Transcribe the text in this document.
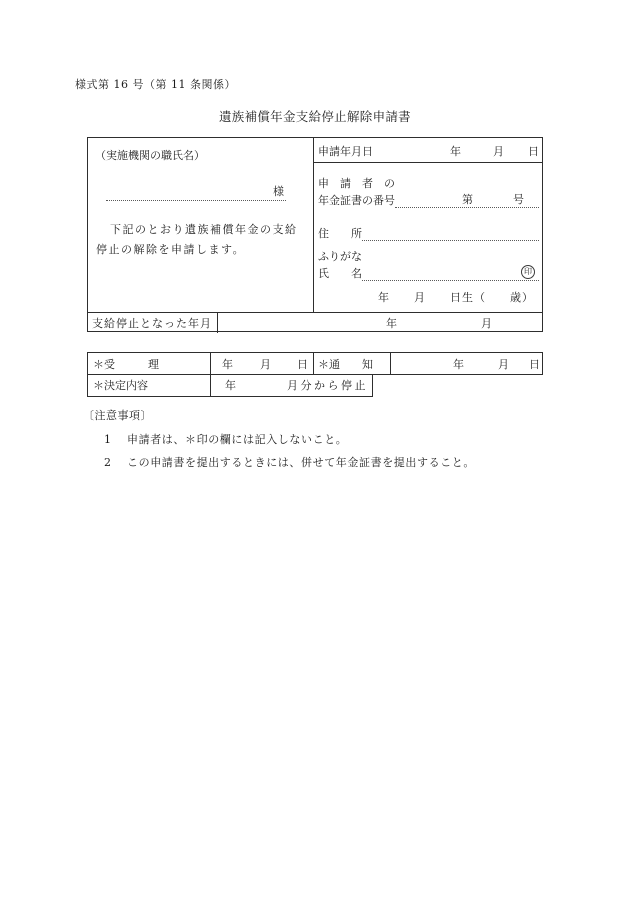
様式第 16 号（第 11 条関係）
遺族補償年金支給停止解除申請書
（実施機関の職氏名）
様
下記のとおり遺族補償年金の支給
停止の解除を申請します。
申請年月日	年	月 日
申　請　者　の
年金証書の番号	第	号
住　　所
ふりがな
氏　　名	印
年　　月　　日生（　　歳）
支給停止となった年月	年	月
＊受　　　理	年 月 日 ＊通　　知	年	月 日
＊決定内容	年	月分から停止
〔注意事項〕
1 申請者は、＊印の欄には記入しないこと。
2 この申請書を提出するときには、併せて年金証書を提出すること。
